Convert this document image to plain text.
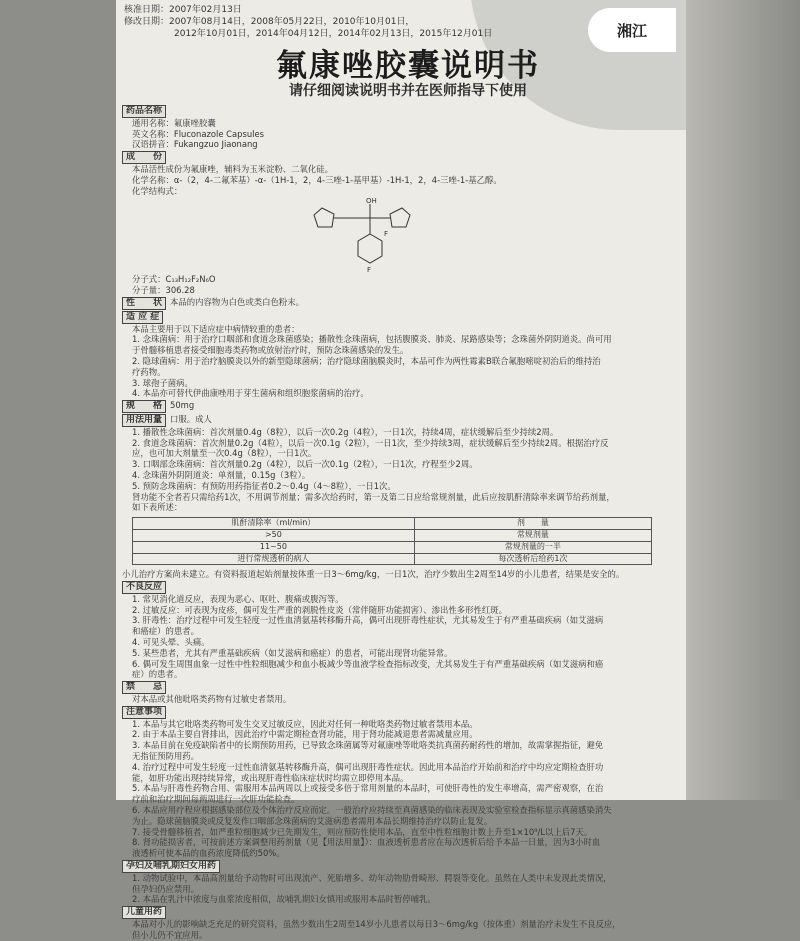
湘江
核准日期：2007年02月13日
修改日期：2007年08月14日，2008年05月22日，2010年10月01日，
2012年10月01日，2014年04月12日，2014年02月13日，2015年12月01日
氟康唑胶囊说明书
请仔细阅读说明书并在医师指导下使用
药品名称
通用名称：氟康唑胶囊
英文名称：Fluconazole Capsules
汉语拼音：Fukangzuo Jiaonang
成　　份
本品活性成份为氟康唑，辅料为玉米淀粉、二氧化硅。
化学名称：α-（2，4-二氟苯基）-α-（1H-1，2，4-三唑-1-基甲基）-1H-1，2，4-三唑-1-基乙醇。
化学结构式：
OH
F
F
分子式：C₁₃H₁₂F₂N₆O
分子量：306.28
性　　状 本品的内容物为白色或类白色粉末。
适 应 症
本品主要用于以下适应症中病情较重的患者：
1. 念珠菌病：用于治疗口咽部和食道念珠菌感染；播散性念珠菌病，包括腹膜炎、肺炎、尿路感染等；念珠菌外阴阴道炎。尚可用
于骨髓移植患者接受细胞毒类药物或放射治疗时，预防念珠菌感染的发生。
2. 隐球菌病：用于治疗脑膜炎以外的新型隐球菌病；治疗隐球菌脑膜炎时，本品可作为两性霉素B联合氟胞嘧啶初治后的维持治
疗药物。
3. 球孢子菌病。
4. 本品亦可替代伊曲康唑用于芽生菌病和组织胞浆菌病的治疗。
规　　格 50mg
用法用量 口服。成人
1. 播散性念珠菌病：首次剂量0.4g（8粒），以后一次0.2g（4粒），一日1次，持续4周，症状缓解后至少持续2周。
2. 食道念珠菌病：首次剂量0.2g（4粒），以后一次0.1g（2粒），一日1次，至少持续3周，症状缓解后至少持续2周。根据治疗反
应，也可加大剂量至一次0.4g（8粒），一日1次。
3. 口咽部念珠菌病：首次剂量0.2g（4粒），以后一次0.1g（2粒），一日1次，疗程至少2周。
4. 念珠菌外阴阴道炎：单剂量，0.15g（3粒）。
5. 预防念珠菌病：有预防用药指征者0.2～0.4g（4～8粒），一日1次。
肾功能不全者若只需给药1次，不用调节剂量；需多次给药时，第一及第二日应给常规剂量，此后应按肌酐清除率来调节给药剂量，
如下表所述：
肌酐清除率（ml/min）	剂　　量
>50	常规剂量
11~50	常规剂量的一半
进行常规透析的病人	每次透析后给药1次
小儿治疗方案尚未建立。有资料报道起始剂量按体重一日3～6mg/kg，一日1次，治疗少数出生2周至14岁的小儿患者，结果是安全的。
不良反应
1. 常见消化道反应，表现为恶心、呕吐、腹痛或腹泻等。
2. 过敏反应：可表现为皮疹，偶可发生严重的剥脱性皮炎（常伴随肝功能损害）、渗出性多形性红斑。
3. 肝毒性：治疗过程中可发生轻度一过性血清氨基转移酶升高，偶可出现肝毒性症状，尤其易发生于有严重基础疾病（如艾滋病
和癌症）的患者。
4. 可见头晕、头痛。
5. 某些患者，尤其有严重基础疾病（如艾滋病和癌症）的患者，可能出现肾功能异常。
6. 偶可发生周围血象一过性中性粒细胞减少和血小板减少等血液学检查指标改变，尤其易发生于有严重基础疾病（如艾滋病和癌
症）的患者。
禁　　忌
对本品或其他吡咯类药物有过敏史者禁用。
注意事项
1. 本品与其它吡咯类药物可发生交叉过敏反应，因此对任何一种吡咯类药物过敏者禁用本品。
2. 由于本品主要自肾排出，因此治疗中需定期检查肾功能，用于肾功能减退患者需减量应用。
3. 本品目前在免疫缺陷者中的长期预防用药，已导致念珠菌属等对氟康唑等吡咯类抗真菌药耐药性的增加，故需掌握指征，避免
无指征预防用药。
4. 治疗过程中可发生轻度一过性血清氨基转移酶升高，偶可出现肝毒性症状。因此用本品治疗开始前和治疗中均应定期检查肝功
能，如肝功能出现持续异常，或出现肝毒性临床症状时均需立即停用本品。
5. 本品与肝毒性药物合用、需服用本品两周以上或接受多倍于常用剂量的本品时，可使肝毒性的发生率增高，需严密观察，在治
疗前和治疗期间每两周进行一次肝功能检查。
6. 本品应用疗程应根据感染部位及个体治疗反应而定。一般治疗应持续至真菌感染的临床表现及实验室检查指标显示真菌感染消失
为止。隐球菌脑膜炎或反复发作口咽部念珠菌病的艾滋病患者需用本品长期维持治疗以防止复发。
7. 接受骨髓移植者，如严重粒细胞减少已先期发生，则应预防性使用本品，直至中性粒细胞计数上升至1×10⁹/L以上后7天。
8. 肾功能损害者，可按前述方案调整用药剂量（见【用法用量】）：血液透析患者应在每次透析后给予本品一日量，因为3小时血
液透析可使本品的血药浓度降低约50%。
孕妇及哺乳期妇女用药
1. 动物试验中，本品高剂量给予动物时可出现流产、死胎增多、幼年动物肋骨畸形、腭裂等变化。虽然在人类中未发现此类情况，
但孕妇仍应禁用。
2. 本品在乳汁中浓度与血浆浓度相似，故哺乳期妇女慎用或服用本品时暂停哺乳。
儿童用药
本品对小儿的影响缺乏充足的研究资料，虽然少数出生2周至14岁小儿患者以每日3～6mg/kg（按体重）剂量治疗未发生不良反应，
但小儿仍不宜应用。
